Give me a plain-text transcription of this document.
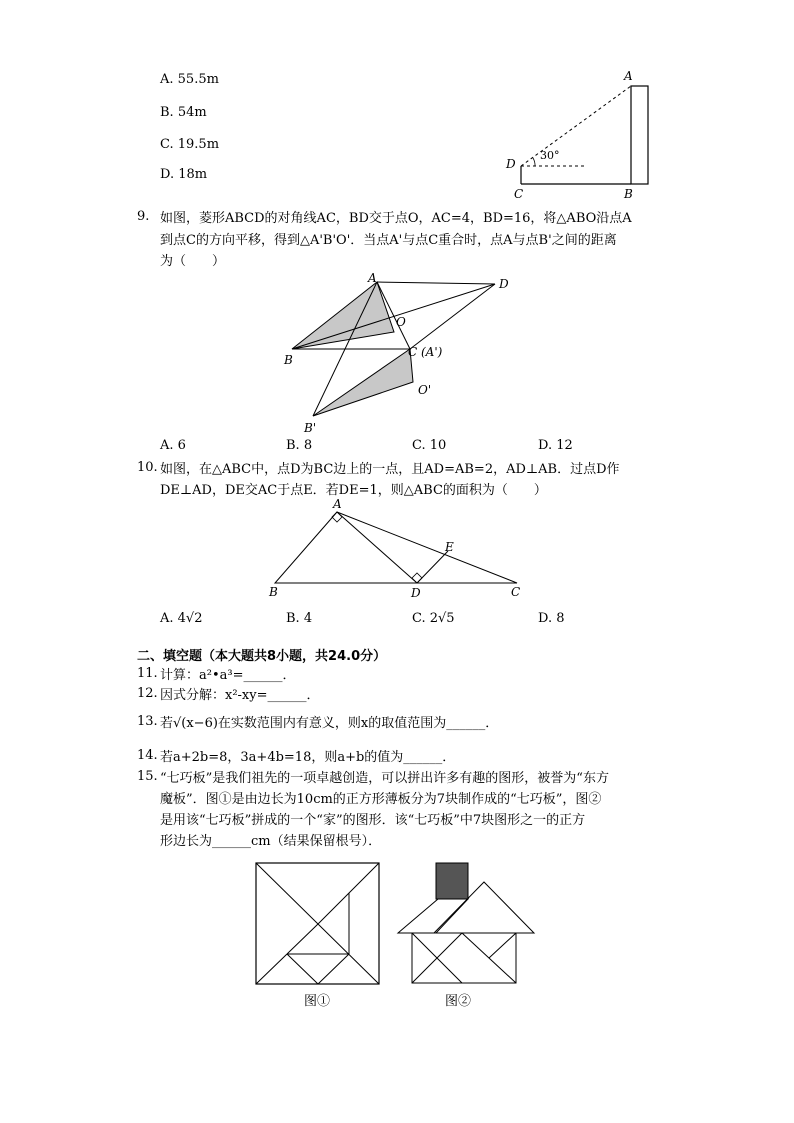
A. 55.5m
B. 54m
C. 19.5m
D. 18m
A
B
C
D
30°
9. 如图，菱形ABCD的对角线AC，BD交于点O，AC=4，BD=16，将△ABO沿点A
到点C的方向平移，得到△A'B'O'．当点A'与点C重合时，点A与点B'之间的距离
为（　　）
A
B
C (A')
D
O
O'
B'
A. 6	B. 8	C. 10	D. 12
10. 如图，在△ABC中，点D为BC边上的一点，且AD=AB=2，AD⊥AB．过点D作
DE⊥AD，DE交AC于点E．若DE=1，则△ABC的面积为（　　）
A
B	C
D
E
A. 4√2	B. 4	C. 2√5	D. 8
二、填空题（本大题共8小题，共24.0分）
11. 计算：a²•a³=______．
12. 因式分解：x²-xy=______．
13. 若√(x−6)在实数范围内有意义，则x的取值范围为______．
14. 若a+2b=8，3a+4b=18，则a+b的值为______．
15. “七巧板”是我们祖先的一项卓越创造，可以拼出许多有趣的图形，被誉为“东方
魔板”．图①是由边长为10cm的正方形薄板分为7块制作成的“七巧板”，图②
是用该“七巧板”拼成的一个“家”的图形．该“七巧板”中7块图形之一的正方
形边长为______cm（结果保留根号）．
图①	图②
